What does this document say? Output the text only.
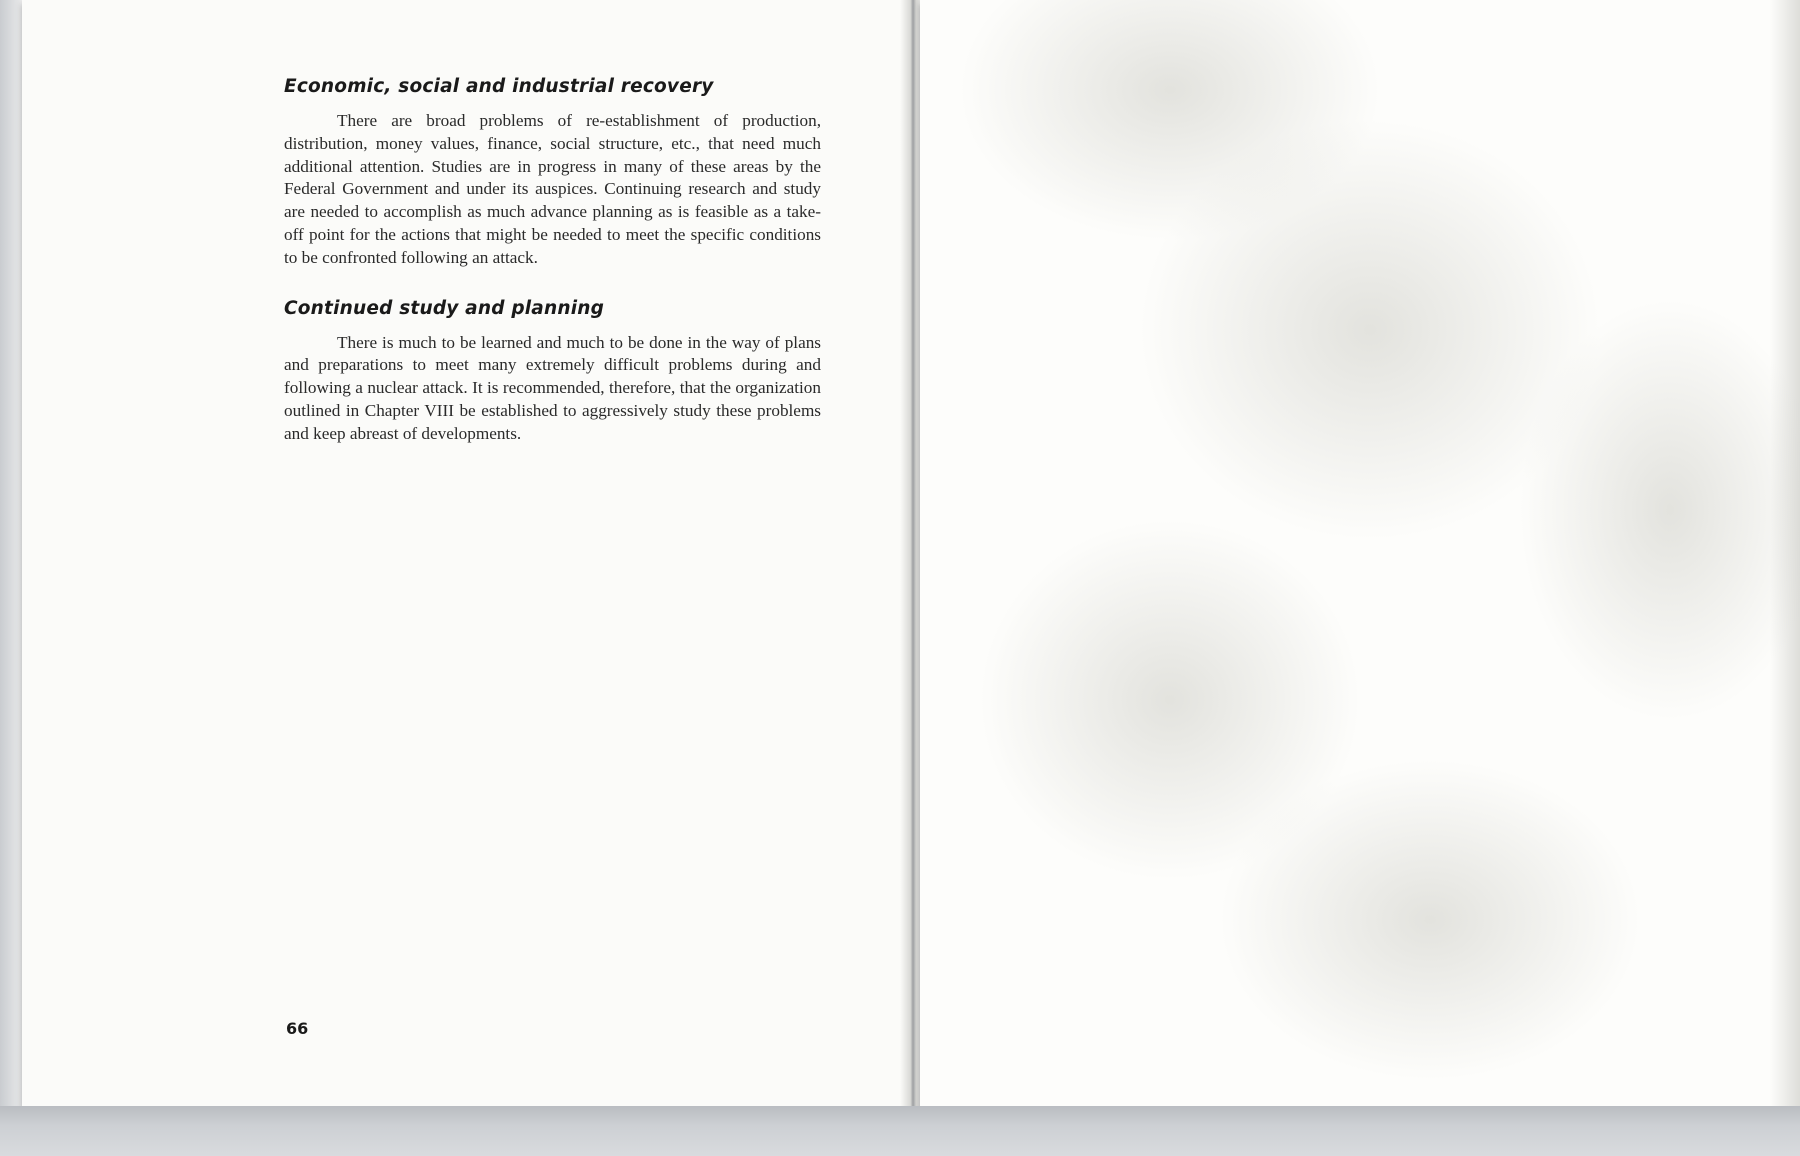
Economic, social and industrial recovery

There are broad problems of re-establishment of production, distribution, money values, finance, social structure, etc., that need much additional attention. Studies are in progress in many of these areas by the Federal Government and under its auspices. Continuing research and study are needed to accomplish as much advance planning as is feasible as a take-off point for the actions that might be needed to meet the specific conditions to be confronted following an attack.

Continued study and planning

There is much to be learned and much to be done in the way of plans and preparations to meet many extremely difficult problems during and following a nuclear attack. It is recommended, therefore, that the organization outlined in Chapter VIII be established to aggressively study these problems and keep abreast of developments.

66
